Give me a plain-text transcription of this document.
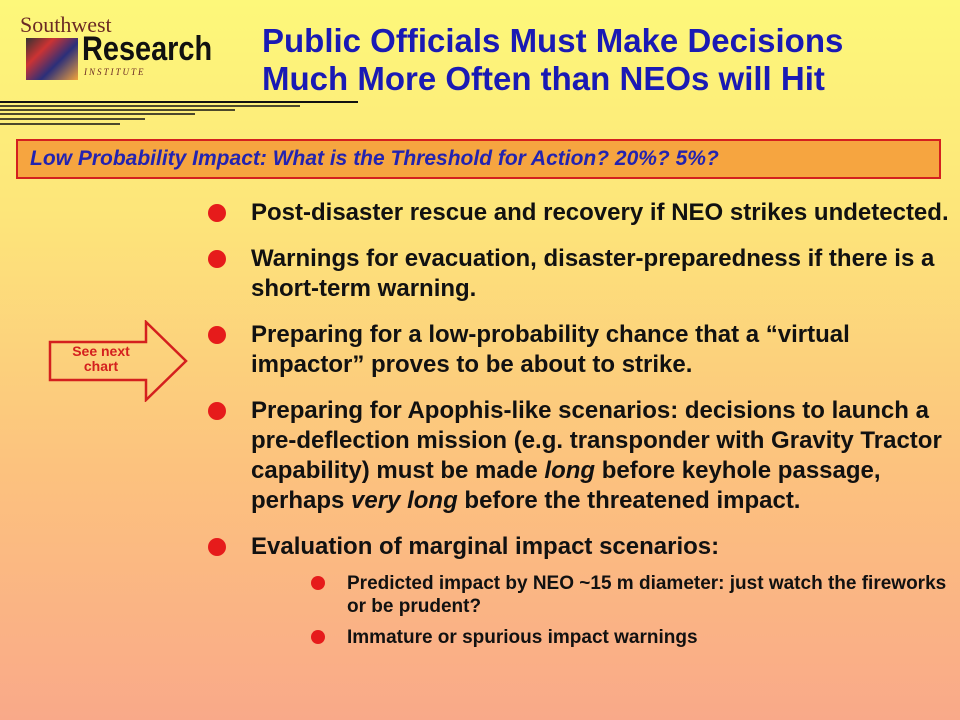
Southwest
Research
INSTITUTE
Public Officials Must Make Decisions
Much More Often than NEOs will Hit
Low Probability Impact: What is the Threshold for Action? 20%? 5%?
See next
chart
Post-disaster rescue and recovery if NEO strikes undetected.
Warnings for evacuation, disaster-preparedness if there is a short-term warning.
Preparing for a low-probability chance that a “virtual impactor” proves to be about to strike.
Preparing for Apophis-like scenarios: decisions to launch a pre-deflection mission (e.g. transponder with Gravity Tractor capability) must be made long before keyhole passage, perhaps very long before the threatened impact.
Evaluation of marginal impact scenarios:
Predicted impact by NEO ~15 m diameter: just watch the fireworks or be prudent?
Immature or spurious impact warnings
